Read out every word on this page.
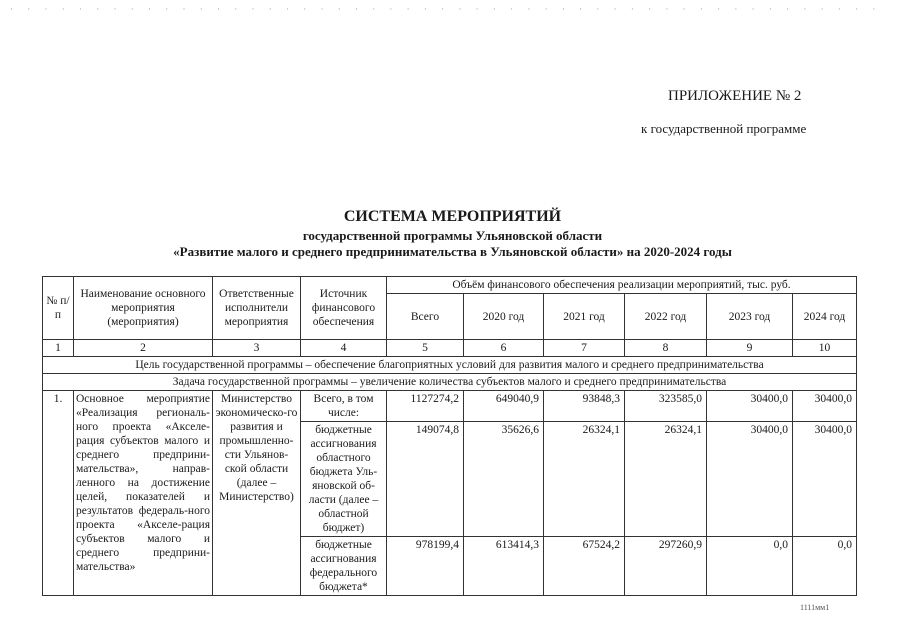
· · · · · · · · · · · · · · · · · · · · · · · · · · · · · · · · · · · · · · · · · · · · · · · · · · ·
ПРИЛОЖЕНИЕ № 2
к государственной программе
СИСТЕМА МЕРОПРИЯТИЙ
государственной программы Ульяновской области
«Развитие малого и среднего предпринимательства в Ульяновской области» на 2020-2024 годы
№ п/п	Наименование основного мероприятия (мероприятия)	Ответственные исполнители мероприятия	Источник финансового обеспечения	Объём финансового обеспечения реализации мероприятий, тыс. руб.					
				Всего	2020 год	2021 год	2022 год	2023 год	2024 год
1	2	3	4	5	6	7	8	9	10
Цель государственной программы – обеспечение благоприятных условий для развития малого и среднего предпринимательства									
Задача государственной программы – увеличение количества субъектов малого и среднего предпринимательства									
1.	Основное мероприятие «Реализация региональ-ного проекта «Акселе-рация субъектов малого и среднего предприни-мательства», направ-ленного на достижение целей, показателей и результатов федераль-ного проекта «Акселе-рация субъектов малого и среднего предприни-мательства»	Министерство экономическо-го развития и промышленно-сти Ульянов-ской области (далее – Министерство)	Всего, в том числе:	1127274,2	649040,9	93848,3	323585,0	30400,0	30400,0
			бюджетные ассигнования областного бюджета Уль-яновской об-ласти (далее – областной бюджет)	149074,8	35626,6	26324,1	26324,1	30400,0	30400,0
			бюджетные ассигнования федерального бюджета*	978199,4	613414,3	67524,2	297260,9	0,0	0,0
1111мм1
